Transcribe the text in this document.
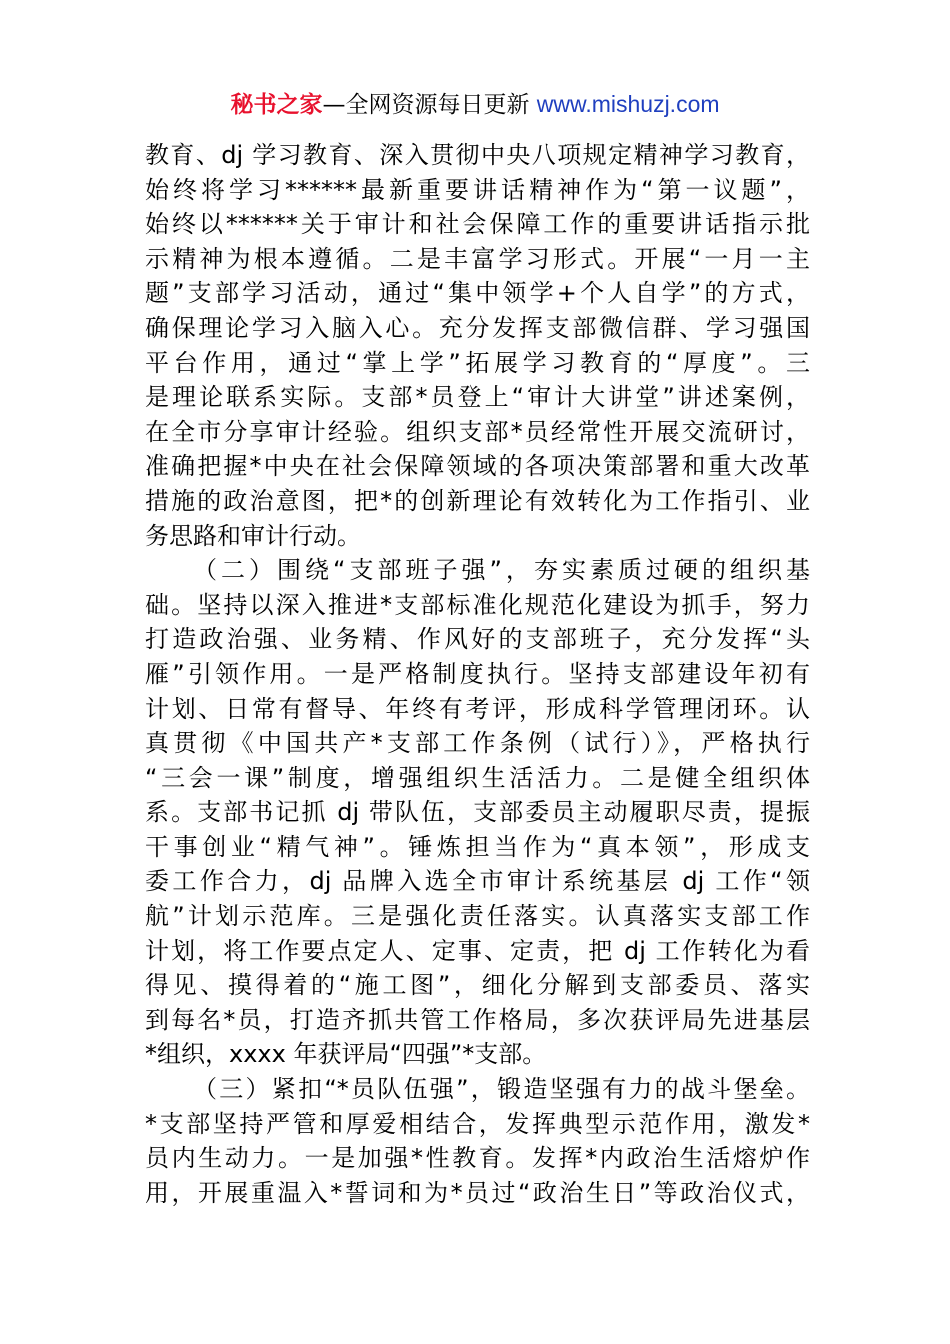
秘书之家—全网资源每日更新 www.mishuzj.com
教育、dj 学习教育、深入贯彻中央八项规定精神学习教育，
始终将学习******最新重要讲话精神作为“第一议题”，
始终以******关于审计和社会保障工作的重要讲话指示批
示精神为根本遵循。二是丰富学习形式。开展“一月一主
题”支部学习活动，通过“集中领学+个人自学”的方式，
确保理论学习入脑入心。充分发挥支部微信群、学习强国
平台作用，通过“掌上学”拓展学习教育的“厚度”。三
是理论联系实际。支部*员登上“审计大讲堂”讲述案例，
在全市分享审计经验。组织支部*员经常性开展交流研讨，
准确把握*中央在社会保障领域的各项决策部署和重大改革
措施的政治意图，把*的创新理论有效转化为工作指引、业
务思路和审计行动。
（二）围绕“支部班子强”，夯实素质过硬的组织基
础。坚持以深入推进*支部标准化规范化建设为抓手，努力
打造政治强、业务精、作风好的支部班子，充分发挥“头
雁”引领作用。一是严格制度执行。坚持支部建设年初有
计划、日常有督导、年终有考评，形成科学管理闭环。认
真贯彻《中国共产*支部工作条例（试行）》，严格执行
“三会一课”制度，增强组织生活活力。二是健全组织体
系。支部书记抓 dj 带队伍，支部委员主动履职尽责，提振
干事创业“精气神”。锤炼担当作为“真本领”，形成支
委工作合力，dj 品牌入选全市审计系统基层 dj 工作“领
航”计划示范库。三是强化责任落实。认真落实支部工作
计划，将工作要点定人、定事、定责，把 dj 工作转化为看
得见、摸得着的“施工图”，细化分解到支部委员、落实
到每名*员，打造齐抓共管工作格局，多次获评局先进基层
*组织，xxxx 年获评局“四强”*支部。
（三）紧扣“*员队伍强”，锻造坚强有力的战斗堡垒。
*支部坚持严管和厚爱相结合，发挥典型示范作用，激发*
员内生动力。一是加强*性教育。发挥*内政治生活熔炉作
用，开展重温入*誓词和为*员过“政治生日”等政治仪式，
